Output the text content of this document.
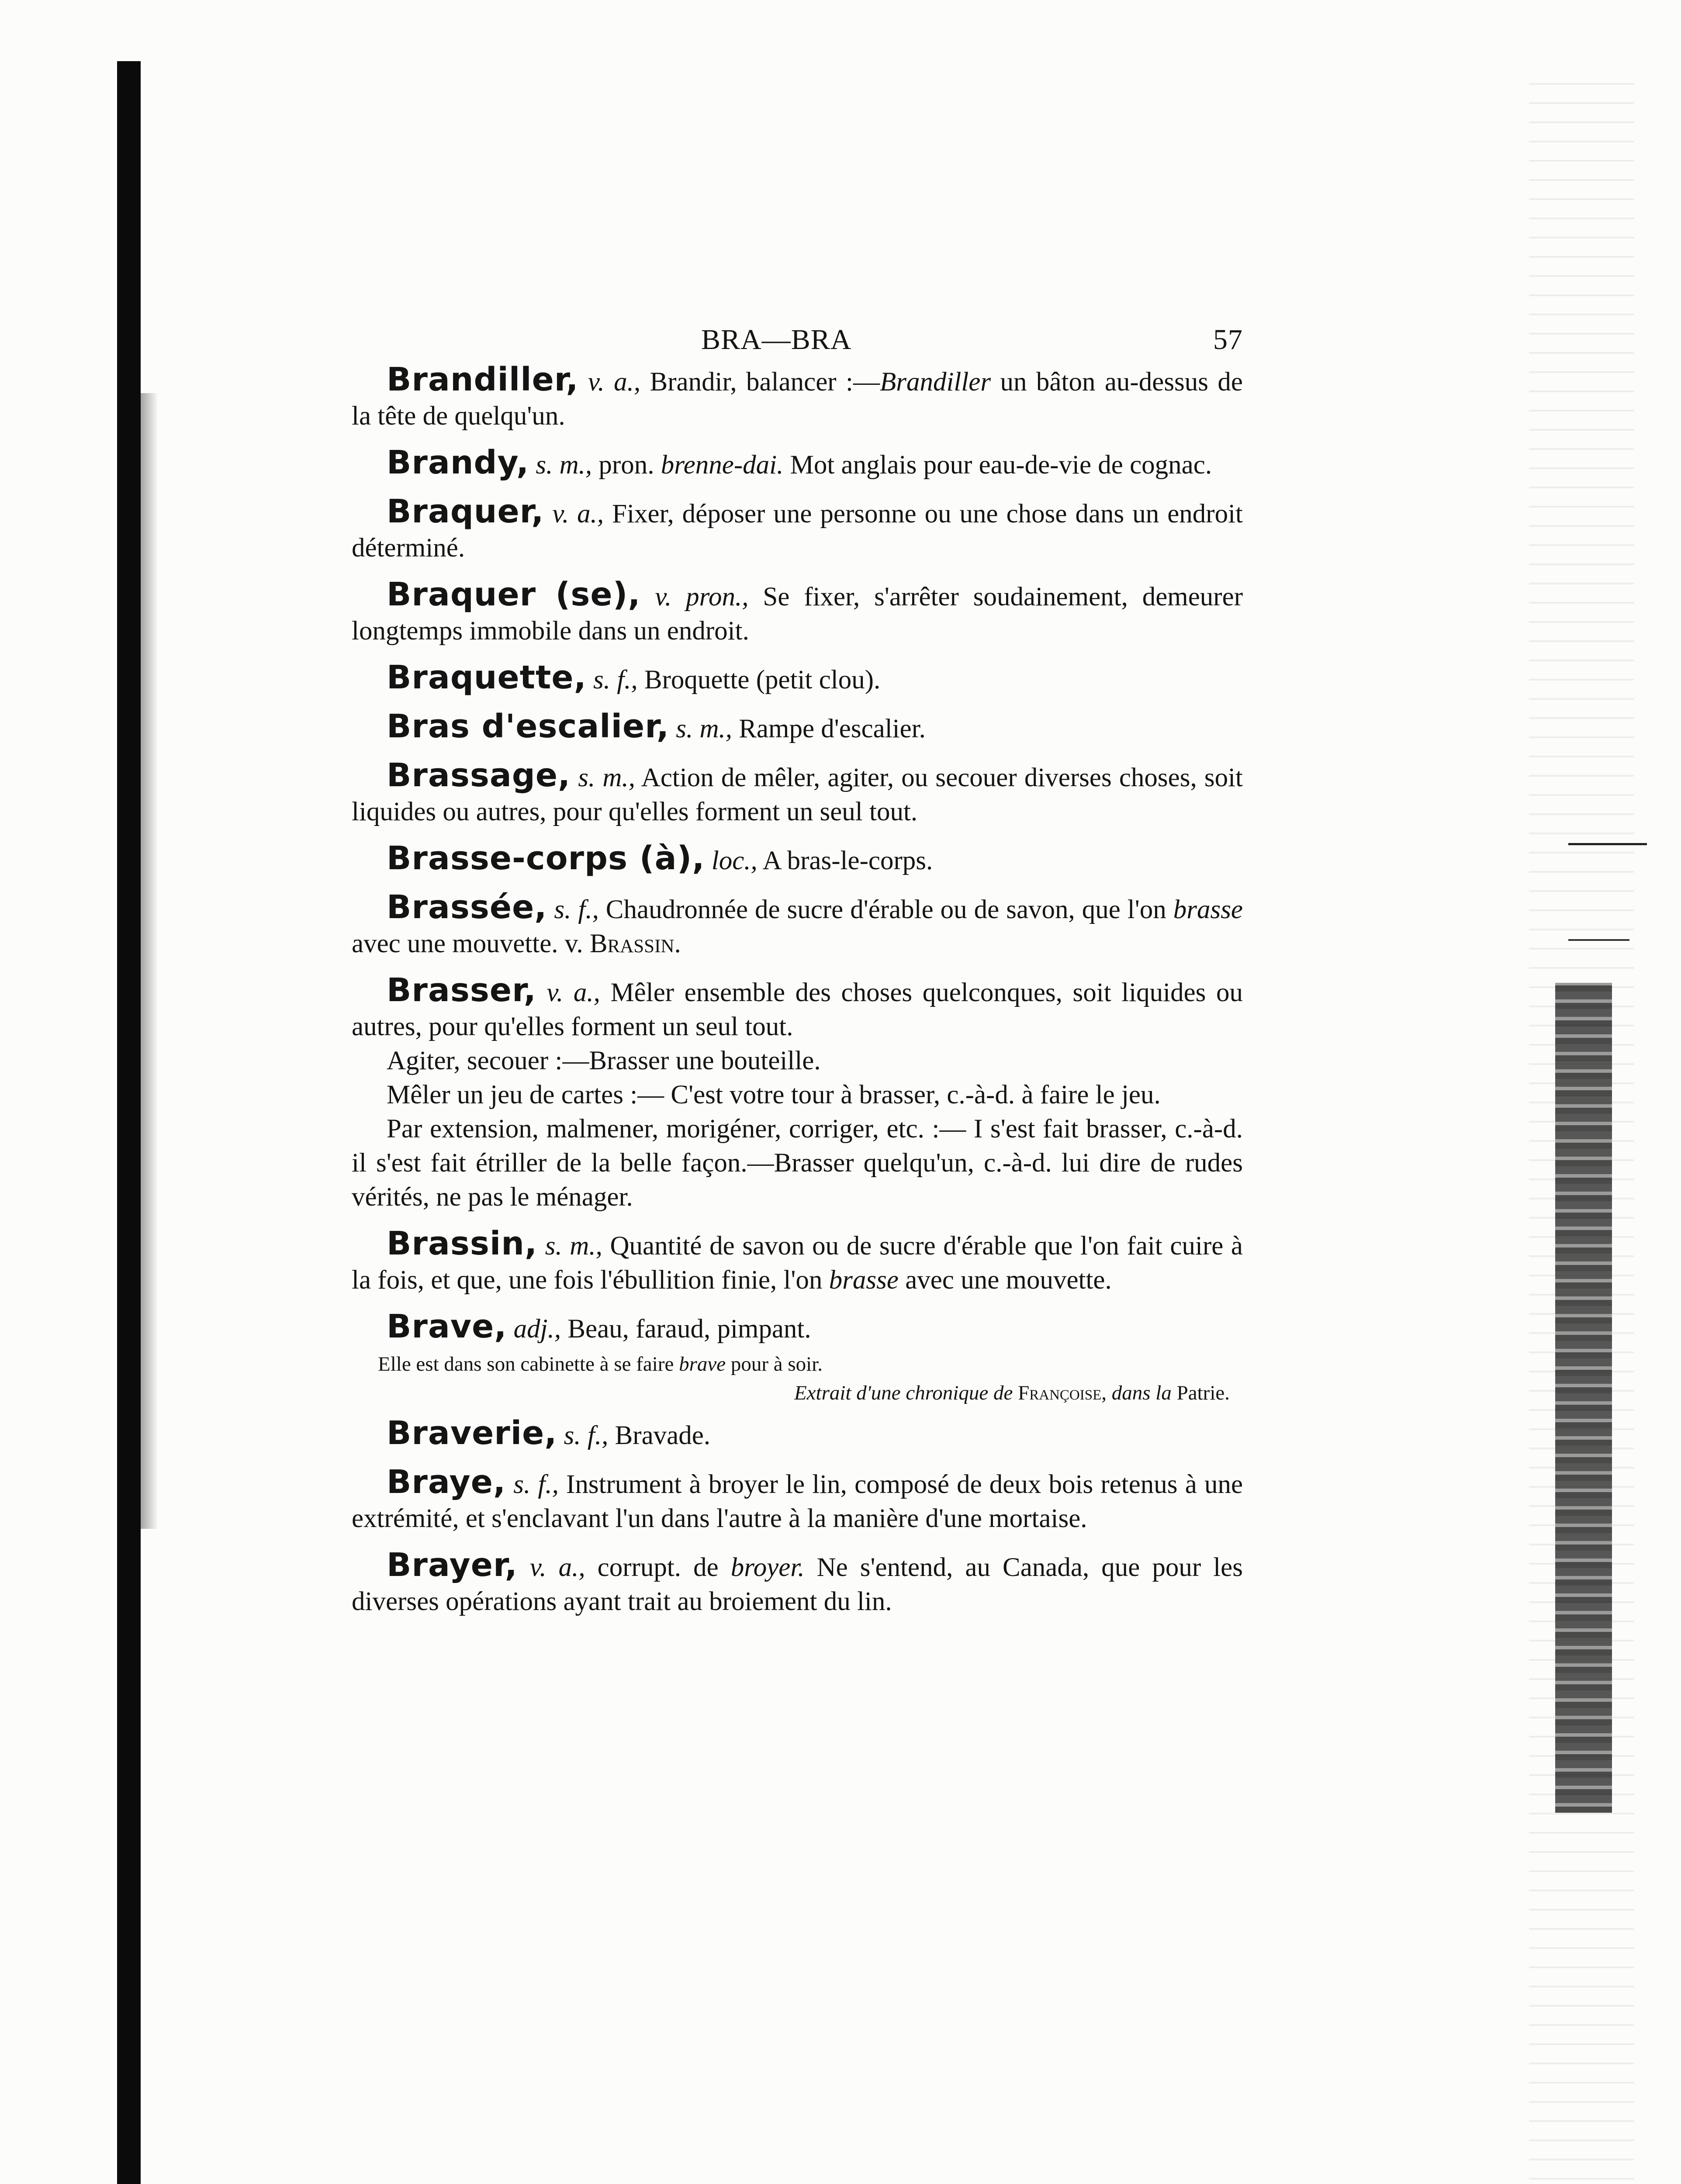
BRA—BRA	57

Brandiller, v. a., Brandir, balancer :—Brandiller un bâton au-dessus de la tête de quelqu'un.

Brandy, s. m., pron. brenne-dai. Mot anglais pour eau-de-vie de cognac.

Braquer, v. a., Fixer, déposer une personne ou une chose dans un endroit déterminé.

Braquer (se), v. pron., Se fixer, s'arrêter soudainement, demeurer longtemps immobile dans un endroit.

Braquette, s. f., Broquette (petit clou).

Bras d'escalier, s. m., Rampe d'escalier.

Brassage, s. m., Action de mêler, agiter, ou secouer diverses choses, soit liquides ou autres, pour qu'elles forment un seul tout.

Brasse-corps (à), loc., A bras-le-corps.

Brassée, s. f., Chaudronnée de sucre d'érable ou de savon, que l'on brasse avec une mouvette. v. Brassin.

Brasser, v. a., Mêler ensemble des choses quelconques, soit liquides ou autres, pour qu'elles forment un seul tout.

Agiter, secouer :—Brasser une bouteille.

Mêler un jeu de cartes :— C'est votre tour à brasser, c.-à-d. à faire le jeu.

Par extension, malmener, morigéner, corriger, etc. :— I s'est fait brasser, c.-à-d. il s'est fait étriller de la belle façon.—Brasser quelqu'un, c.-à-d. lui dire de rudes vérités, ne pas le ménager.

Brassin, s. m., Quantité de savon ou de sucre d'érable que l'on fait cuire à la fois, et que, une fois l'ébullition finie, l'on brasse avec une mouvette.

Brave, adj., Beau, faraud, pimpant.

Elle est dans son cabinette à se faire brave pour à soir.
Extrait d'une chronique de Françoise, dans la Patrie.

Braverie, s. f., Bravade.

Braye, s. f., Instrument à broyer le lin, composé de deux bois retenus à une extrémité, et s'enclavant l'un dans l'autre à la manière d'une mortaise.

Brayer, v. a., corrupt. de broyer. Ne s'entend, au Canada, que pour les diverses opérations ayant trait au broiement du lin.
